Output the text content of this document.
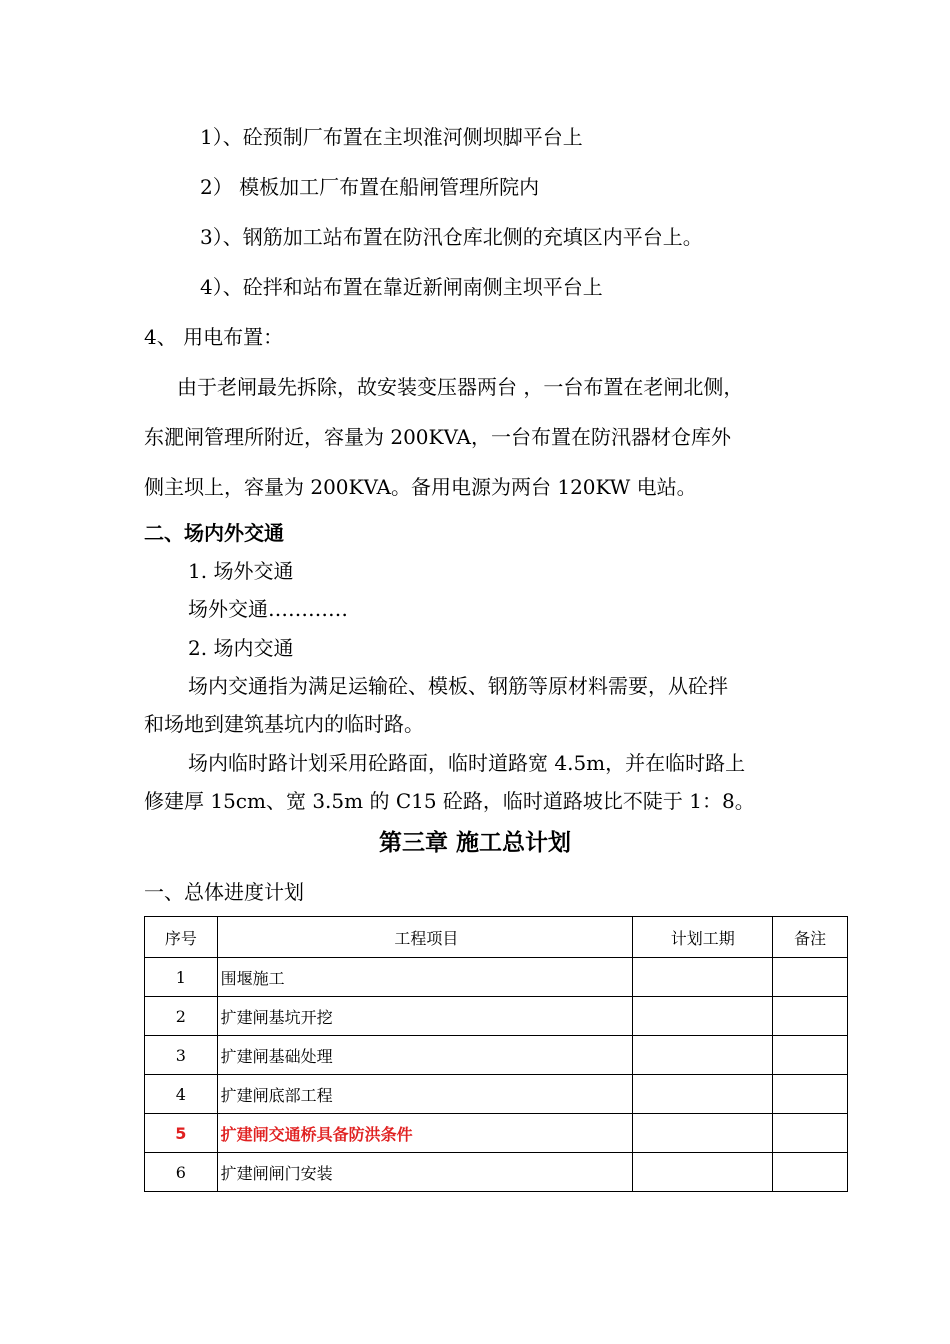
1）、砼预制厂布置在主坝淮河侧坝脚平台上
2） 模板加工厂布置在船闸管理所院内
3）、钢筋加工站布置在防汛仓库北侧的充填区内平台上。
4）、砼拌和站布置在靠近新闸南侧主坝平台上
4、 用电布置：
由于老闸最先拆除，故安装变压器两台 ，一台布置在老闸北侧，
东淝闸管理所附近，容量为 200KVA，一台布置在防汛器材仓库外
侧主坝上，容量为 200KVA。备用电源为两台 120KW 电站。
二、场内外交通
1. 场外交通
场外交通…………
2. 场内交通
场内交通指为满足运输砼、模板、钢筋等原材料需要，从砼拌
和场地到建筑基坑内的临时路。
场内临时路计划采用砼路面，临时道路宽 4.5m，并在临时路上
修建厚 15cm、宽 3.5m 的 C15 砼路，临时道路坡比不陡于 1：8。
第三章 施工总计划
一、总体进度计划
序号	工程项目	计划工期	备注
1	围堰施工		
2	扩建闸基坑开挖		
3	扩建闸基础处理		
4	扩建闸底部工程		
5	扩建闸交通桥具备防洪条件		
6	扩建闸闸门安装		
